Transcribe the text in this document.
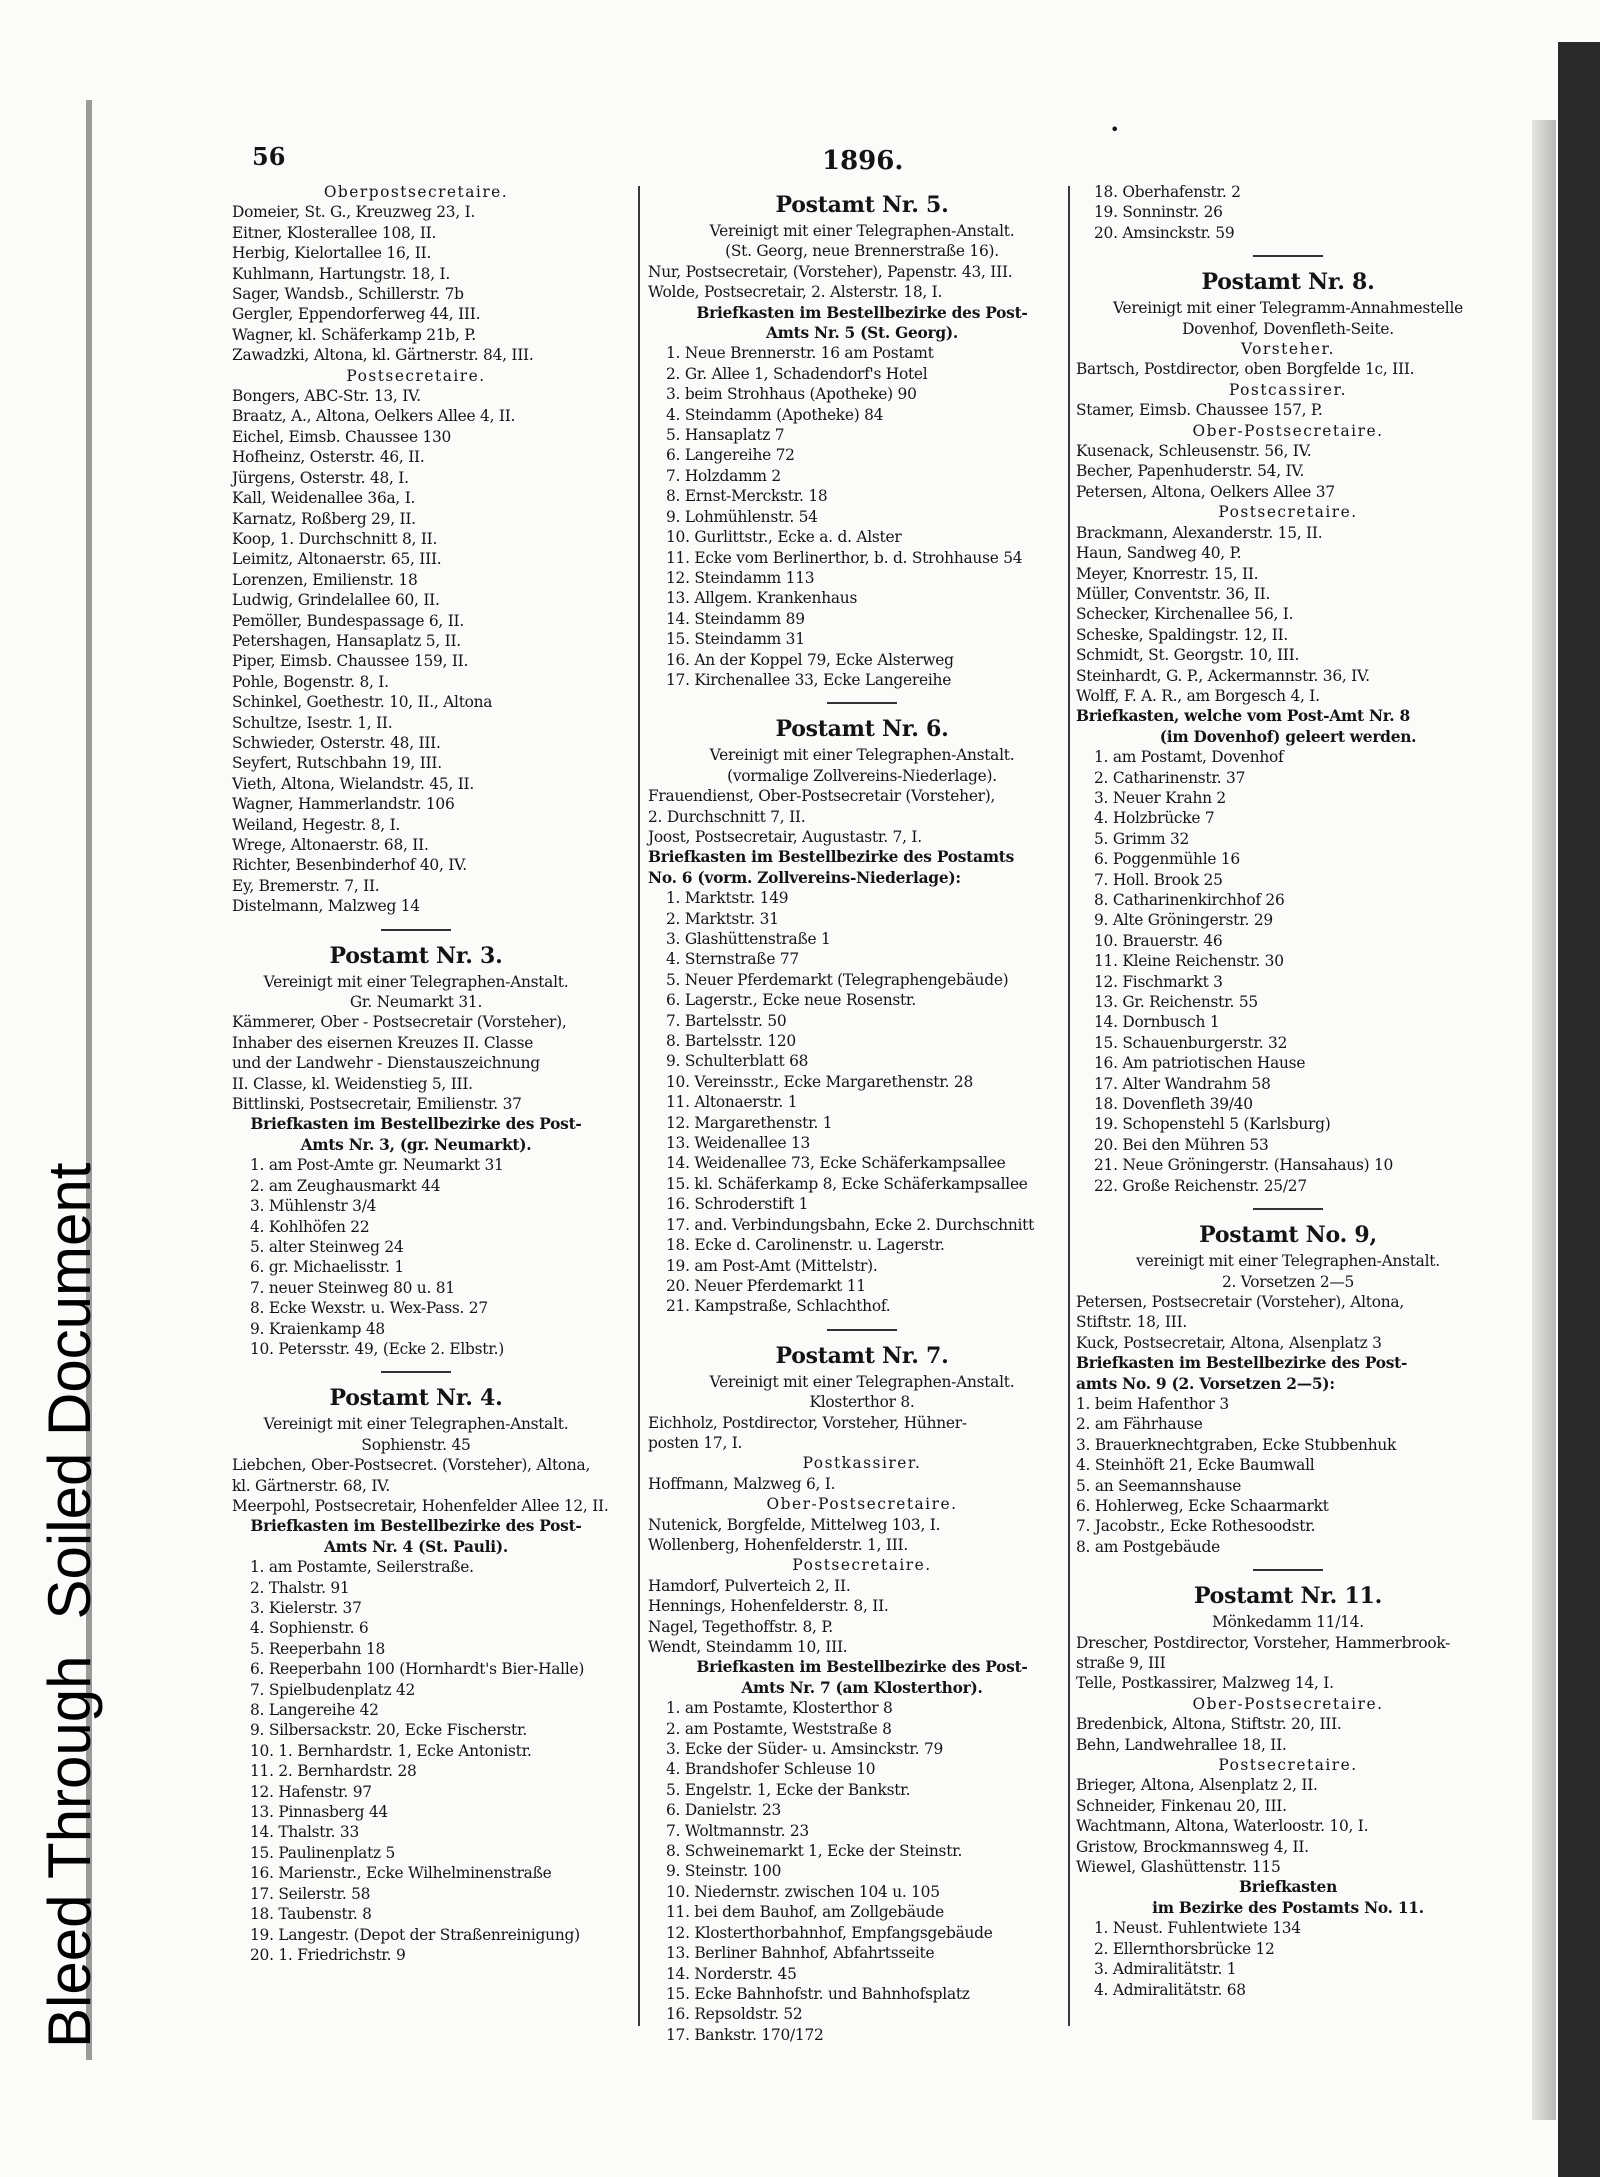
Bleed ThroughSoiled Document
56	1896.
•
Oberpostsecretaire.
Domeier, St. G., Kreuzweg 23, I.
Eitner, Klosterallee 108, II.
Herbig, Kielortallee 16, II.
Kuhlmann, Hartungstr. 18, I.
Sager, Wandsb., Schillerstr. 7b
Gergler, Eppendorferweg 44, III.
Wagner, kl. Schäferkamp 21b, P.
Zawadzki, Altona, kl. Gärtnerstr. 84, III.
Postsecretaire.
Bongers, ABC-Str. 13, IV.
Braatz, A., Altona, Oelkers Allee 4, II.
Eichel, Eimsb. Chaussee 130
Hofheinz, Osterstr. 46, II.
Jürgens, Osterstr. 48, I.
Kall, Weidenallee 36a, I.
Karnatz, Roßberg 29, II.
Koop, 1. Durchschnitt 8, II.
Leimitz, Altonaerstr. 65, III.
Lorenzen, Emilienstr. 18
Ludwig, Grindelallee 60, II.
Pemöller, Bundespassage 6, II.
Petershagen, Hansaplatz 5, II.
Piper, Eimsb. Chaussee 159, II.
Pohle, Bogenstr. 8, I.
Schinkel, Goethestr. 10, II., Altona
Schultze, Isestr. 1, II.
Schwieder, Osterstr. 48, III.
Seyfert, Rutschbahn 19, III.
Vieth, Altona, Wielandstr. 45, II.
Wagner, Hammerlandstr. 106
Weiland, Hegestr. 8, I.
Wrege, Altonaerstr. 68, II.
Richter, Besenbinderhof 40, IV.
Ey, Bremerstr. 7, II.
Distelmann, Malzweg 14
Postamt Nr. 3.
Vereinigt mit einer Telegraphen-Anstalt.
Gr. Neumarkt 31.
Kämmerer, Ober - Postsecretair (Vorsteher),
Inhaber des eisernen Kreuzes II. Classe
und der Landwehr - Dienstauszeichnung
II. Classe, kl. Weidenstieg 5, III.
Bittlinski, Postsecretair, Emilienstr. 37
Briefkasten im Bestellbezirke des Post-
Amts Nr. 3, (gr. Neumarkt).
1. am Post-Amte gr. Neumarkt 31
2. am Zeughausmarkt 44
3. Mühlenstr 3/4
4. Kohlhöfen 22
5. alter Steinweg 24
6. gr. Michaelisstr. 1
7. neuer Steinweg 80 u. 81
8. Ecke Wexstr. u. Wex-Pass. 27
9. Kraienkamp 48
10. Petersstr. 49, (Ecke 2. Elbstr.)
Postamt Nr. 4.
Vereinigt mit einer Telegraphen-Anstalt.
Sophienstr. 45
Liebchen, Ober-Postsecret. (Vorsteher), Altona,
kl. Gärtnerstr. 68, IV.
Meerpohl, Postsecretair, Hohenfelder Allee 12, II.
Briefkasten im Bestellbezirke des Post-
Amts Nr. 4 (St. Pauli).
1. am Postamte, Seilerstraße.
2. Thalstr. 91
3. Kielerstr. 37
4. Sophienstr. 6
5. Reeperbahn 18
6. Reeperbahn 100 (Hornhardt's Bier-Halle)
7. Spielbudenplatz 42
8. Langereihe 42
9. Silbersackstr. 20, Ecke Fischerstr.
10. 1. Bernhardstr. 1, Ecke Antonistr.
11. 2. Bernhardstr. 28
12. Hafenstr. 97
13. Pinnasberg 44
14. Thalstr. 33
15. Paulinenplatz 5
16. Marienstr., Ecke Wilhelminenstraße
17. Seilerstr. 58
18. Taubenstr. 8
19. Langestr. (Depot der Straßenreinigung)
20. 1. Friedrichstr. 9
Postamt Nr. 5.
Vereinigt mit einer Telegraphen-Anstalt.
(St. Georg, neue Brennerstraße 16).
Nur, Postsecretair, (Vorsteher), Papenstr. 43, III.
Wolde, Postsecretair, 2. Alsterstr. 18, I.
Briefkasten im Bestellbezirke des Post-
Amts Nr. 5 (St. Georg).
1. Neue Brennerstr. 16 am Postamt
2. Gr. Allee 1, Schadendorf's Hotel
3. beim Strohhaus (Apotheke) 90
4. Steindamm (Apotheke) 84
5. Hansaplatz 7
6. Langereihe 72
7. Holzdamm 2
8. Ernst-Merckstr. 18
9. Lohmühlenstr. 54
10. Gurlittstr., Ecke a. d. Alster
11. Ecke vom Berlinerthor, b. d. Strohhause 54
12. Steindamm 113
13. Allgem. Krankenhaus
14. Steindamm 89
15. Steindamm 31
16. An der Koppel 79, Ecke Alsterweg
17. Kirchenallee 33, Ecke Langereihe
Postamt Nr. 6.
Vereinigt mit einer Telegraphen-Anstalt.
(vormalige Zollvereins-Niederlage).
Frauendienst, Ober-Postsecretair (Vorsteher),
2. Durchschnitt 7, II.
Joost, Postsecretair, Augustastr. 7, I.
Briefkasten im Bestellbezirke des Postamts
No. 6 (vorm. Zollvereins-Niederlage):
1. Marktstr. 149
2. Marktstr. 31
3. Glashüttenstraße 1
4. Sternstraße 77
5. Neuer Pferdemarkt (Telegraphengebäude)
6. Lagerstr., Ecke neue Rosenstr.
7. Bartelsstr. 50
8. Bartelsstr. 120
9. Schulterblatt 68
10. Vereinsstr., Ecke Margarethenstr. 28
11. Altonaerstr. 1
12. Margarethenstr. 1
13. Weidenallee 13
14. Weidenallee 73, Ecke Schäferkampsallee
15. kl. Schäferkamp 8, Ecke Schäferkampsallee
16. Schroderstift 1
17. and. Verbindungsbahn, Ecke 2. Durchschnitt
18. Ecke d. Carolinenstr. u. Lagerstr.
19. am Post-Amt (Mittelstr).
20. Neuer Pferdemarkt 11
21. Kampstraße, Schlachthof.
Postamt Nr. 7.
Vereinigt mit einer Telegraphen-Anstalt.
Klosterthor 8.
Eichholz, Postdirector, Vorsteher, Hühner-
posten 17, I.
Postkassirer.
Hoffmann, Malzweg 6, I.
Ober-Postsecretaire.
Nutenick, Borgfelde, Mittelweg 103, I.
Wollenberg, Hohenfelderstr. 1, III.
Postsecretaire.
Hamdorf, Pulverteich 2, II.
Hennings, Hohenfelderstr. 8, II.
Nagel, Tegethoffstr. 8, P.
Wendt, Steindamm 10, III.
Briefkasten im Bestellbezirke des Post-
Amts Nr. 7 (am Klosterthor).
1. am Postamte, Klosterthor 8
2. am Postamte, Weststraße 8
3. Ecke der Süder- u. Amsinckstr. 79
4. Brandshofer Schleuse 10
5. Engelstr. 1, Ecke der Bankstr.
6. Danielstr. 23
7. Woltmannstr. 23
8. Schweinemarkt 1, Ecke der Steinstr.
9. Steinstr. 100
10. Niedernstr. zwischen 104 u. 105
11. bei dem Bauhof, am Zollgebäude
12. Klosterthorbahnhof, Empfangsgebäude
13. Berliner Bahnhof, Abfahrtsseite
14. Norderstr. 45
15. Ecke Bahnhofstr. und Bahnhofsplatz
16. Repsoldstr. 52
17. Bankstr. 170/172
18. Oberhafenstr. 2
19. Sonninstr. 26
20. Amsinckstr. 59
Postamt Nr. 8.
Vereinigt mit einer Telegramm-Annahmestelle
Dovenhof, Dovenfleth-Seite.
Vorsteher.
Bartsch, Postdirector, oben Borgfelde 1c, III.
Postcassirer.
Stamer, Eimsb. Chaussee 157, P.
Ober-Postsecretaire.
Kusenack, Schleusenstr. 56, IV.
Becher, Papenhuderstr. 54, IV.
Petersen, Altona, Oelkers Allee 37
Postsecretaire.
Brackmann, Alexanderstr. 15, II.
Haun, Sandweg 40, P.
Meyer, Knorrestr. 15, II.
Müller, Conventstr. 36, II.
Schecker, Kirchenallee 56, I.
Scheske, Spaldingstr. 12, II.
Schmidt, St. Georgstr. 10, III.
Steinhardt, G. P., Ackermannstr. 36, IV.
Wolff, F. A. R., am Borgesch 4, I.
Briefkasten, welche vom Post-Amt Nr. 8
(im Dovenhof) geleert werden.
1. am Postamt, Dovenhof
2. Catharinenstr. 37
3. Neuer Krahn 2
4. Holzbrücke 7
5. Grimm 32
6. Poggenmühle 16
7. Holl. Brook 25
8. Catharinenkirchhof 26
9. Alte Gröningerstr. 29
10. Brauerstr. 46
11. Kleine Reichenstr. 30
12. Fischmarkt 3
13. Gr. Reichenstr. 55
14. Dornbusch 1
15. Schauenburgerstr. 32
16. Am patriotischen Hause
17. Alter Wandrahm 58
18. Dovenfleth 39/40
19. Schopenstehl 5 (Karlsburg)
20. Bei den Mühren 53
21. Neue Gröningerstr. (Hansahaus) 10
22. Große Reichenstr. 25/27
Postamt No. 9,
vereinigt mit einer Telegraphen-Anstalt.
2. Vorsetzen 2—5
Petersen, Postsecretair (Vorsteher), Altona,
Stiftstr. 18, III.
Kuck, Postsecretair, Altona, Alsenplatz 3
Briefkasten im Bestellbezirke des Post-
amts No. 9 (2. Vorsetzen 2—5):
1. beim Hafenthor 3
2. am Fährhause
3. Brauerknechtgraben, Ecke Stubbenhuk
4. Steinhöft 21, Ecke Baumwall
5. an Seemannshause
6. Hohlerweg, Ecke Schaarmarkt
7. Jacobstr., Ecke Rothesoodstr.
8. am Postgebäude
Postamt Nr. 11.
Mönkedamm 11/14.
Drescher, Postdirector, Vorsteher, Hammerbrook-
straße 9, III
Telle, Postkassirer, Malzweg 14, I.
Ober-Postsecretaire.
Bredenbick, Altona, Stiftstr. 20, III.
Behn, Landwehrallee 18, II.
Postsecretaire.
Brieger, Altona, Alsenplatz 2, II.
Schneider, Finkenau 20, III.
Wachtmann, Altona, Waterloostr. 10, I.
Gristow, Brockmannsweg 4, II.
Wiewel, Glashüttenstr. 115
Briefkasten
im Bezirke des Postamts No. 11.
1. Neust. Fuhlentwiete 134
2. Ellernthorsbrücke 12
3. Admiralitätstr. 1
4. Admiralitätstr. 68
